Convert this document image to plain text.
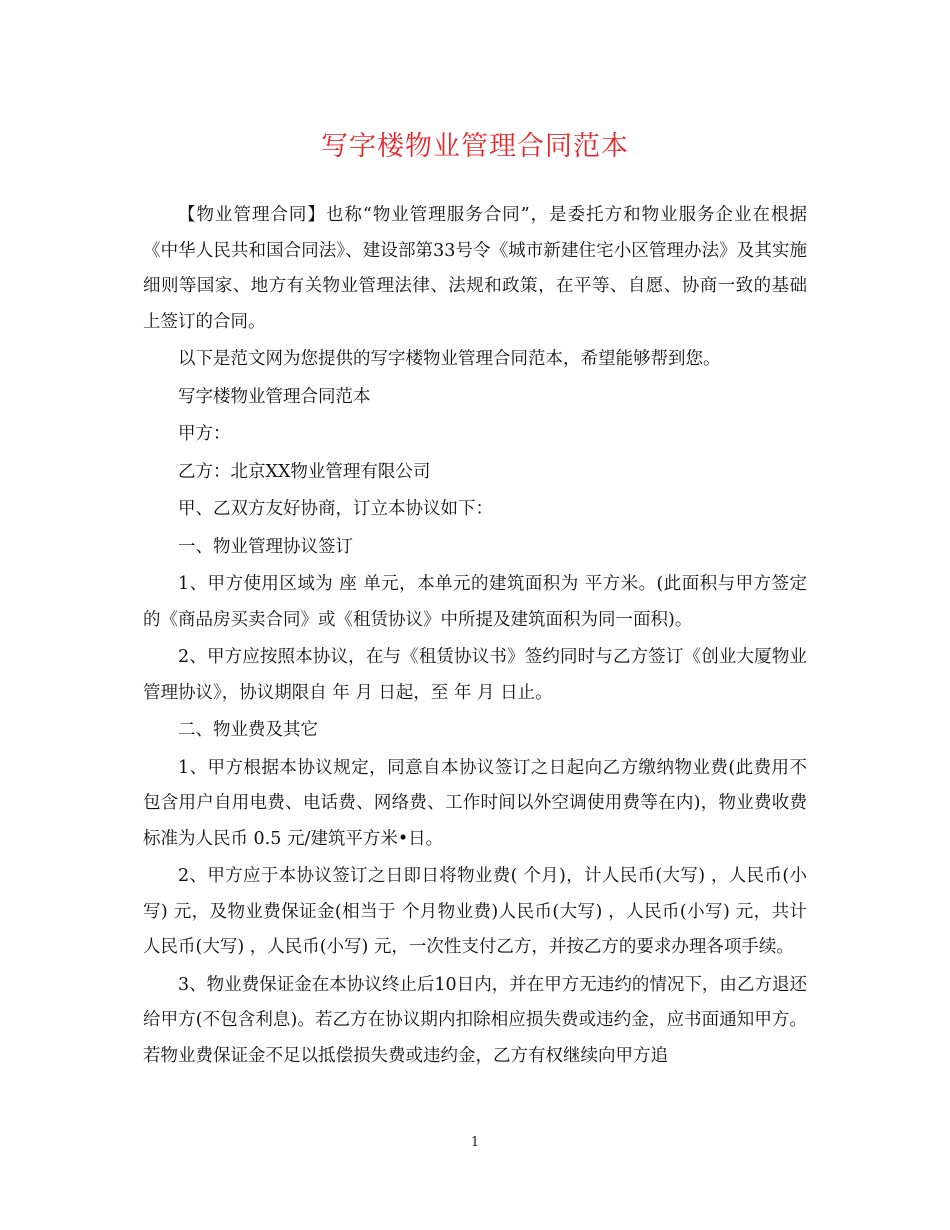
写字楼物业管理合同范本

【物业管理合同】也称“物业管理服务合同”，是委托方和物业服务企业在根据《中华人民共和国合同法》、建设部第33号令《城市新建住宅小区管理办法》及其实施细则等国家、地方有关物业管理法律、法规和政策，在平等、自愿、协商一致的基础上签订的合同。

以下是范文网为您提供的写字楼物业管理合同范本，希望能够帮到您。

写字楼物业管理合同范本

甲方：

乙方：北京XX物业管理有限公司

甲、乙双方友好协商，订立本协议如下：

一、物业管理协议签订

1、甲方使用区域为 座 单元，本单元的建筑面积为 平方米。(此面积与甲方签定的《商品房买卖合同》或《租赁协议》中所提及建筑面积为同一面积)。

2、甲方应按照本协议，在与《租赁协议书》签约同时与乙方签订《创业大厦物业管理协议》，协议期限自 年 月 日起，至 年 月 日止。

二、物业费及其它

1、甲方根据本协议规定，同意自本协议签订之日起向乙方缴纳物业费(此费用不包含用户自用电费、电话费、网络费、工作时间以外空调使用费等在内)，物业费收费标准为人民币 0.5 元/建筑平方米•日。

2、甲方应于本协议签订之日即日将物业费( 个月)，计人民币(大写) ，人民币(小写) 元，及物业费保证金(相当于 个月物业费)人民币(大写) ，人民币(小写) 元，共计人民币(大写) ，人民币(小写) 元，一次性支付乙方，并按乙方的要求办理各项手续。

3、物业费保证金在本协议终止后10日内，并在甲方无违约的情况下，由乙方退还给甲方(不包含利息)。若乙方在协议期内扣除相应损失费或违约金，应书面通知甲方。若物业费保证金不足以抵偿损失费或违约金，乙方有权继续向甲方追

1
